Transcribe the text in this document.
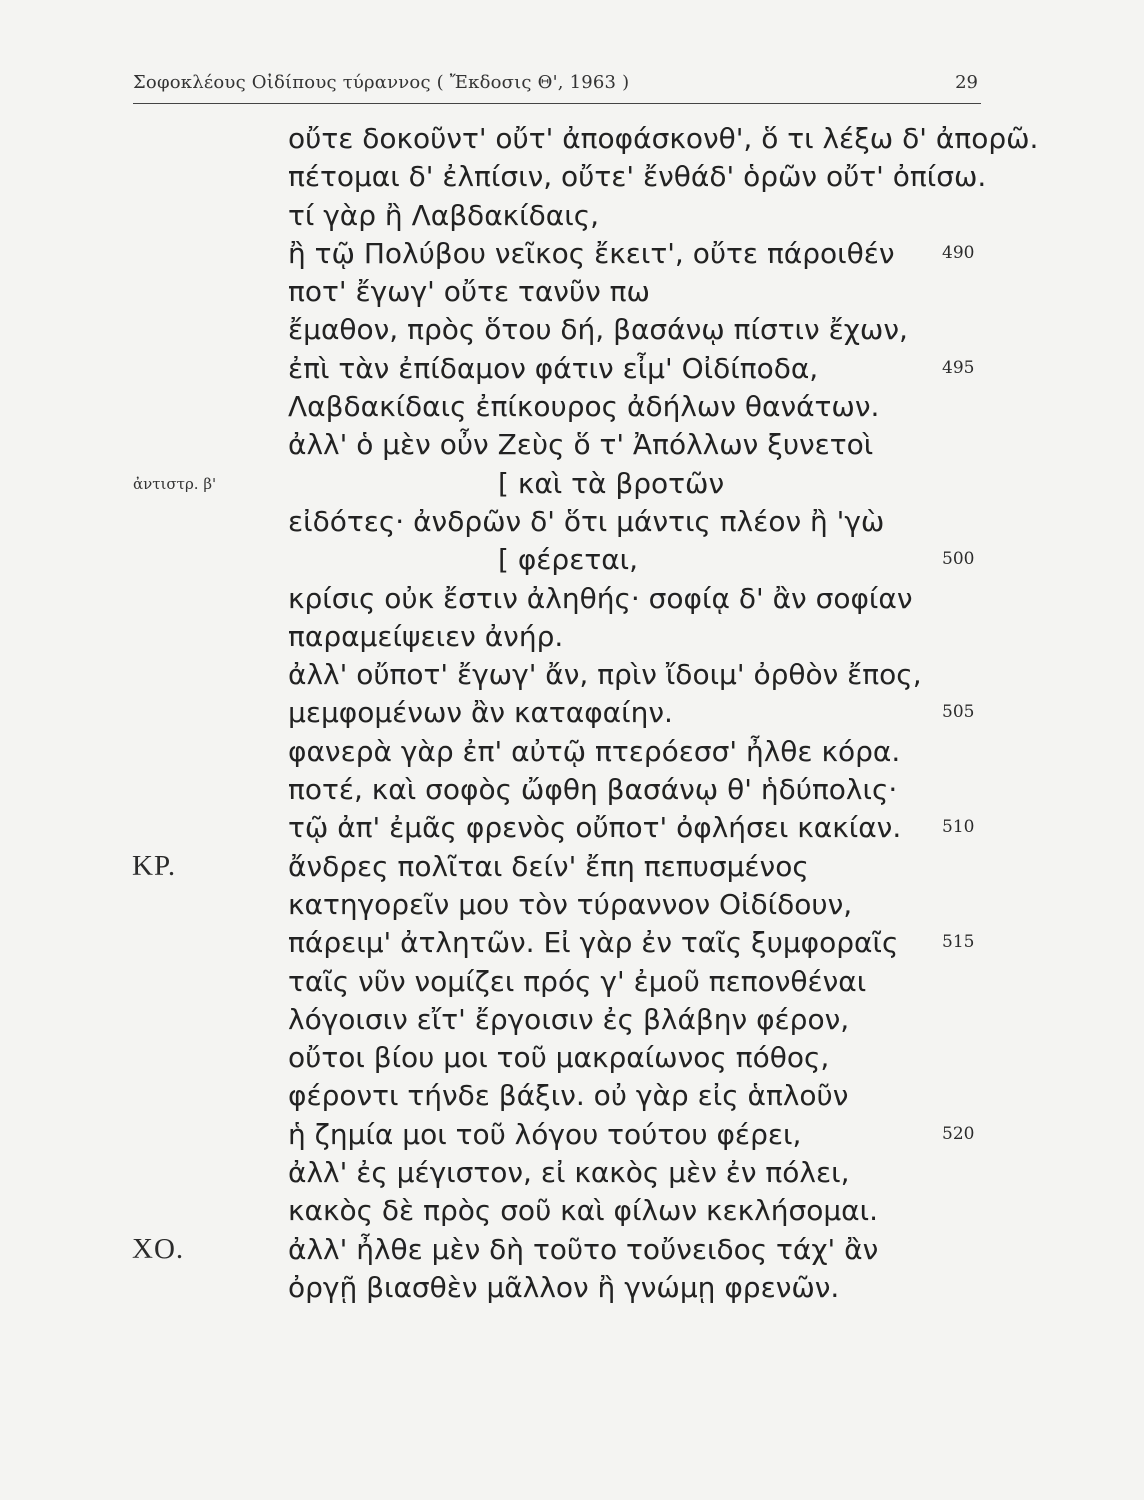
Σοφοκλέους Οἰδίπους τύραννος ( Ἔκδοσις Θ', 1963 )	29
οὔτε δοκοῦντ' οὔτ' ἀποφάσκονθ', ὅ τι λέξω δ' ἀπορῶ.
πέτομαι δ' ἐλπίσιν, οὔτε' ἔνθάδ' ὁρῶν οὔτ' ὀπίσω.
τί γὰρ ἢ Λαβδακίδαις,
ἢ τῷ Πολύβου νεῖκος ἔκειτ', οὔτε πάροιθέν	490
ποτ' ἔγωγ' οὔτε τανῦν πω
ἔμαθον, πρὸς ὅτου δή, βασάνῳ πίστιν ἔχων,
ἐπὶ τὰν ἐπίδαμον φάτιν εἶμ' Οἰδίποδα,	495
Λαβδακίδαις ἐπίκουρος ἀδήλων θανάτων.
ἀλλ' ὁ μὲν οὖν Ζεὺς ὅ τ' Ἀπόλλων ξυνετοὶ
ἀντιστρ. β'	[ καὶ τὰ βροτῶν
εἰδότες· ἀνδρῶν δ' ὅτι μάντις πλέον ἢ 'γὼ
[ φέρεται,	500
κρίσις οὐκ ἔστιν ἀληθής· σοφίᾳ δ' ἂν σοφίαν
παραμείψειεν ἀνήρ.
ἀλλ' οὔποτ' ἔγωγ' ἄν, πρὶν ἴδοιμ' ὀρθὸν ἔπος,
μεμφομένων ἂν καταφαίην.	505
φανερὰ γὰρ ἐπ' αὐτῷ πτερόεσσ' ἦλθε κόρα.
ποτέ, καὶ σοφὸς ὤφθη βασάνῳ θ' ἡδύπολις·
τῷ ἀπ' ἐμᾶς φρενὸς οὔποτ' ὀφλήσει κακίαν. 510
ΚΡ.	ἄνδρες πολῖται δείν' ἔπη πεπυσμένος
κατηγορεῖν μου τὸν τύραννον Οἰδίδουν,
πάρειμ' ἀτλητῶν. Εἰ γὰρ ἐν ταῖς ξυμφοραῖς	515
ταῖς νῦν νομίζει πρός γ' ἐμοῦ πεπονθέναι
λόγοισιν εἴτ' ἔργοισιν ἐς βλάβην φέρον,
οὔτοι βίου μοι τοῦ μακραίωνος πόθος,
φέροντι τήνδε βάξιν. οὐ γὰρ εἰς ἁπλοῦν
ἡ ζημία μοι τοῦ λόγου τούτου φέρει,	520
ἀλλ' ἐς μέγιστον, εἰ κακὸς μὲν ἐν πόλει,
κακὸς δὲ πρὸς σοῦ καὶ φίλων κεκλήσομαι.
ΧΟ.	ἀλλ' ἦλθε μὲν δὴ τοῦτο τοὔνειδος τάχ' ἂν
ὀργῇ βιασθὲν μᾶλλον ἢ γνώμῃ φρενῶν.
